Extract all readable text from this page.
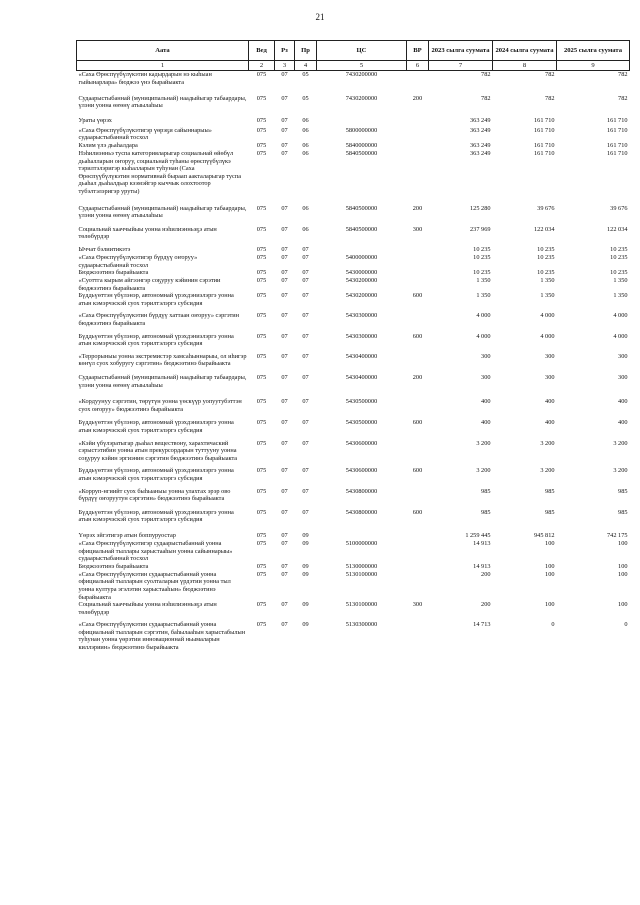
21
Аата	Вед	Рз	Пр	ЦС	ВР	2023 сылга суумата	2024 сылга суумата	2025 сылга суумата
1	2	3	4	5	6	7	8	9
«Саха Өрөспүүбүлүкэтин кадырдарын нэ кыһыан гыйынарлара» бюджээ үнэ бырайыакта	075	07	05	7430200000		782	782	782
Судаарыстыбаннай (муниципальнай) наадыйыгар табаардары, үлэни уонна өҥөнү атыылаһыы	075	07	05	7430200000	200	782	782	782
Ураты үөрэх	075	07	06			363 249	161 710	161 710
«Саха Өрөспүүбүлүкэтигэр үөрэҕи сайыннарыы» судаарыстыбаннай тосхол	075	07	06	5800000000		363 249	161 710	161 710
Кэлим үлэ дьаһалдара	075	07	06	5840000000		363 249	161 710	161 710
Нэһилиэнньэ туспа категорияларыгар социальнай өйөбүл дьаһалларын оҥоруу, социальнай туһаны өрөспүүбүлүкэ тэрилтэлэригэр кыһалларын туһунан (Саха Өрөспүүбүлүкэтин нормативнай быраап аакталарыгар туспа дьаһал дьаһалдьар кээмэйгэр кыччык олохтоотор тубэлтэлэригэр уруты)	075	07	06	5840500000		363 249	161 710	161 710
Судаарыстыбаннай (муниципальнай) наадыйыгар табаардары, үлэни уонна өҥөнү атыылаһыы	075	07	06	5840500000	200	125 280	39 676	39 676
Социальнай хааччыйыы уонна нэһилиэнньэҕэ атын төлөбүрдэр	075	07	06	5840500000	300	237 969	122 034	122 034
Ыччат бэлиитикэтэ	075	07	07			10 235	10 235	10 235
«Саха Өрөспүүбүлүкэтигэр бүрдүү оҥоруу» судаарыстыбаннай тосхол	075	07	07	5400000000		10 235	10 235	10 235
Бюджэээтинэ бырайыакта	075	07	07	5430000000		10 235	10 235	10 235
«Суоттга кырым айгээнгэр соҕуруу кэйинин сэрэтии бюджээтинэ бырайыакта	075	07	07	5430200000		1 350	1 350	1 350
Бүддьүөттэн үбүлэнэр, автономнай үрэхдэниэлэргэ уонна атын кэмэрчэскэй суох тэрилтэлэргэ субсидия	075	07	07	5430200000	600	1 350	1 350	1 350
«Саха Өрөспүүбүлүкэтин бүрдүү хаттаан оҥоруу» сэргэтин бюджээтинэ бырайыакта	075	07	07	5430300000		4 000	4 000	4 000
Бүддьүөттэн үбүлэнэр, автономнай үрэхдэниэлэргэ уонна атын кэмэрчэскэй суох тэрилтэлэргэ субсидия	075	07	07	5430300000	600	4 000	4 000	4 000
«Террорыныы уонна экстремистэр хамсаһыннарыы, ол иһигэр көҥүл суох хобуругу сэргэтин» бюджээтинэ бырайыакта	075	07	07	5430400000		300	300	300
Судаарыстыбаннай (муниципальнай) наадыйыгар табаардары, үлэни уонна өҥөнү атыылаһыы	075	07	07	5430400000	200	300	300	300
«Кордуунуу сэргэтин, төрүтүн уонна үөскүүр уопуутубэттэн суох оҥоруу» бюджээтинэ бырайыакта	075	07	07	5430500000		400	400	400
Бүддьүөттэн үбүлэнэр, автономнай үрэхдэниэлэргэ уонна атын кэмэрчэскэй суох тэрилтэлэргэ субсидия	075	07	07	5430500000	600	400	400	400
«Кэйи үбүлэратыгар дьаһал веществону, харахтичаский сэрыстэтибин уонна атын прекурсордарын туттууну уонна соҕуруу кэйин эргиэнин сэргэтин бюджээтинэ бырайыакта	075	07	07	5430600000		3 200	3 200	3 200
Бүддьүөттэн үбүлэнэр, автономнай үрэхдэниэлэргэ уонна атын кэмэрчэскэй суох тэрилтэлэргэ субсидия	075	07	07	5430600000	600	3 200	3 200	3 200
«Корруп-нгиийт суох быһыаныы уонна улахтах эрэр ово бүрдүү оҥоруутун сэргэтин» бюджээтинэ бырайыакта	075	07	07	5430800000		985	985	985
Бүддьүөттэн үбүлэнэр, автономнай үрэхдэниэлэргэ уонна атын кэмэрчэскэй суох тэрилтэлэргэ субсидия	075	07	07	5430800000	600	985	985	985
Үөрэх эйгэтигэр атын боппуруостар	075	07	09			1 259 445	945 812	742 175
«Саха Өрөспүүбүлүкэтигэр судаарыстыбаннай уонна официальнай тыллары харыстааһын уонна сайыннарыы» судаарыстыбаннай тосхол	075	07	09	5100000000		14 913	100	100
Бюджэээтинэ бырайыакта	075	07	09	5130000000		14 913	100	100
«Саха Өрөспүүбүлүкэтин судаарыстыбаннай уонна официальнай тылларын суолталарын үрдэтии уонна тыл уонна култура эгэлэтин харыстааһын» бюджээтинэ бырайыакта	075	07	09	5130100000		200	100	100
Социальнай хааччыйыы уонна нэһилиэнньэҕэ атын төлөбүрдэр	075	07	09	5130100000	300	200	100	100
«Саха Өрөспүүбүлүкэтин судаарыстыбаннай уонна официальнай тылларын сэргэтин, баһылааһын харыстабылын туһунан уонна үөрэтии инновационнай ньымаларын киллэриин» бюджээтинэ бырайыакта	075	07	09	5130300000		14 713	0	0
